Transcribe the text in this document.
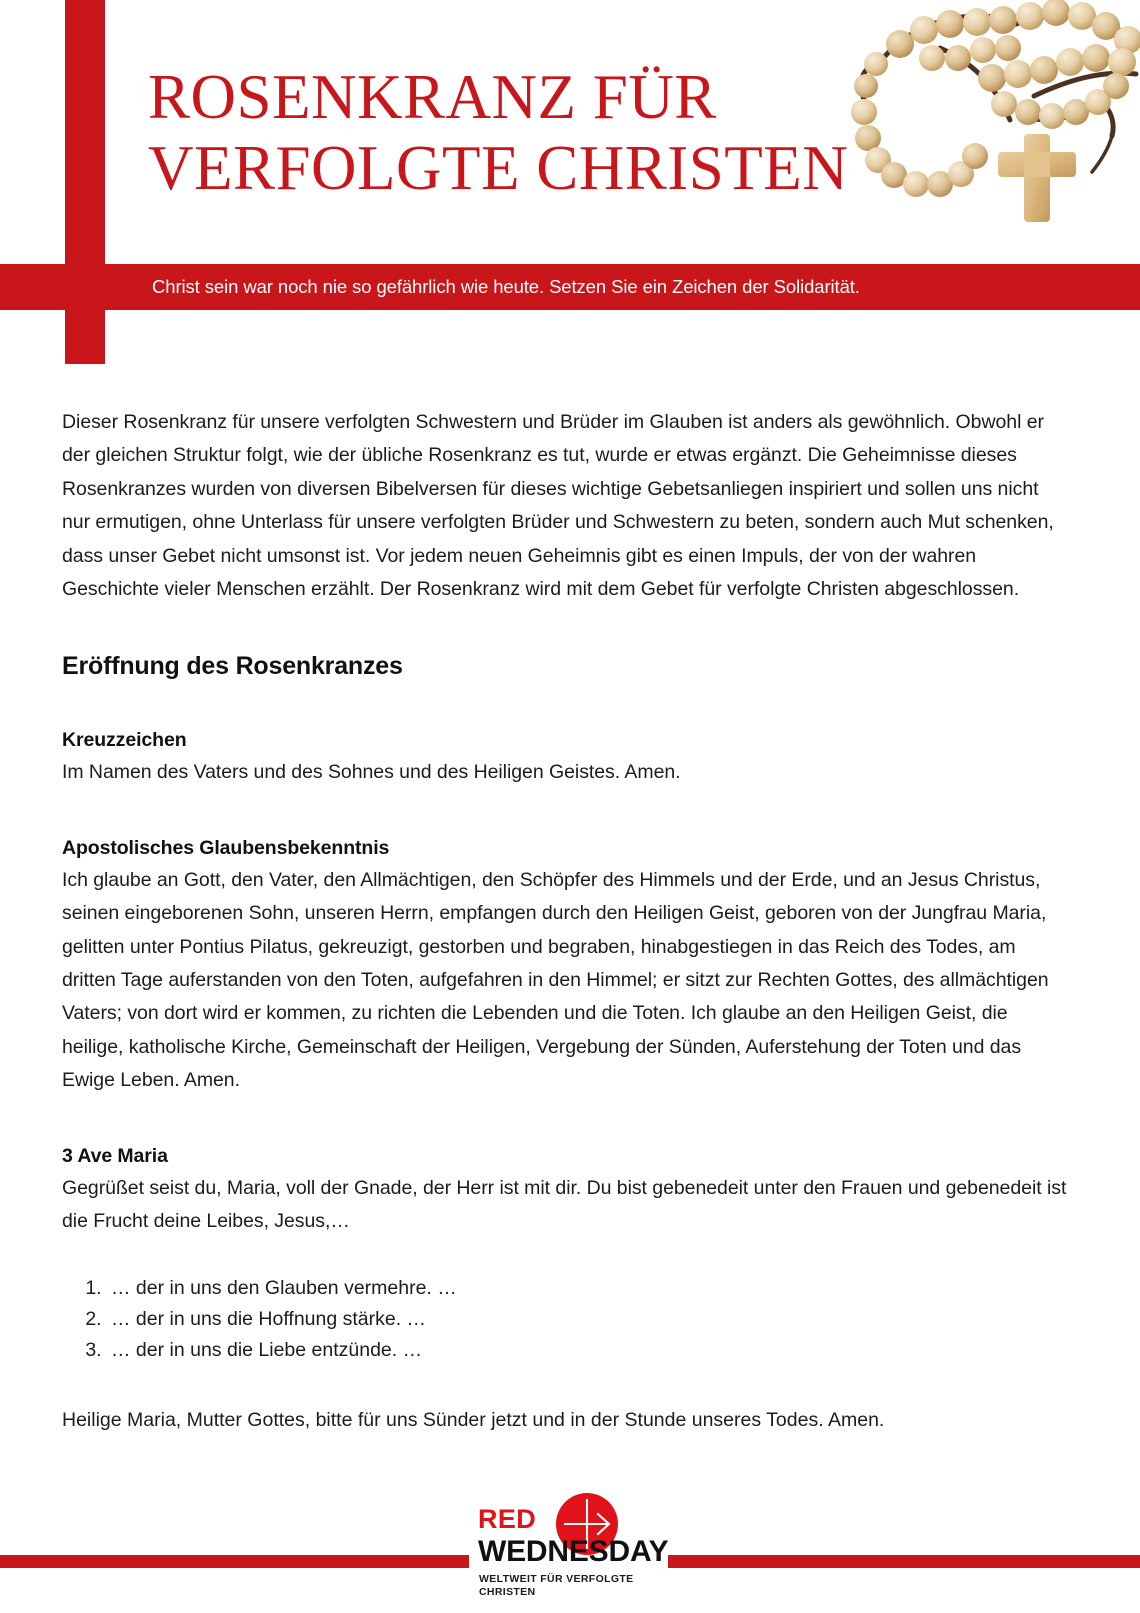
ROSENKRANZ FÜR
VERFOLGTE CHRISTEN
Christ sein war noch nie so gefährlich wie heute. Setzen Sie ein Zeichen der Solidarität.

Dieser Rosenkranz für unsere verfolgten Schwestern und Brüder im Glauben ist anders als gewöhnlich. Obwohl er der gleichen Struktur folgt, wie der übliche Rosenkranz es tut, wurde er etwas ergänzt. Die Geheimnisse dieses Rosenkranzes wurden von diversen Bibelversen für dieses wichtige Gebetsanliegen inspiriert und sollen uns nicht nur ermutigen, ohne Unterlass für unsere verfolgten Brüder und Schwestern zu beten, sondern auch Mut schenken, dass unser Gebet nicht umsonst ist. Vor jedem neuen Geheimnis gibt es einen Impuls, der von der wahren Geschichte vieler Menschen erzählt. Der Rosenkranz wird mit dem Gebet für verfolgte Christen abgeschlossen.

Eröffnung des Rosenkranzes
Kreuzzeichen

Im Namen des Vaters und des Sohnes und des Heiligen Geistes. Amen.

Apostolisches Glaubensbekenntnis

Ich glaube an Gott, den Vater, den Allmächtigen, den Schöpfer des Himmels und der Erde, und an Jesus Christus, seinen eingeborenen Sohn, unseren Herrn, empfangen durch den Heiligen Geist, geboren von der Jungfrau Maria, gelitten unter Pontius Pilatus, gekreuzigt, gestorben und begraben, hinabgestiegen in das Reich des Todes, am dritten Tage auferstanden von den Toten, aufgefahren in den Himmel; er sitzt zur Rechten Gottes, des allmächtigen Vaters; von dort wird er kommen, zu richten die Lebenden und die Toten. Ich glaube an den Heiligen Geist, die heilige, katholische Kirche, Gemeinschaft der Heiligen, Vergebung der Sünden, Auferstehung der Toten und das Ewige Leben. Amen.

3 Ave Maria

Gegrüßet seist du, Maria, voll der Gnade, der Herr ist mit dir. Du bist gebenedeit unter den Frauen und gebenedeit ist die Frucht deine Leibes, Jesus,…

1. … der in uns den Glauben vermehre. …
2. … der in uns die Hoffnung stärke. …
3. … der in uns die Liebe entzünde. …

Heilige Maria, Mutter Gottes, bitte für uns Sünder jetzt und in der Stunde unseres Todes. Amen.

RED
WEDNESDAY
WELTWEIT FÜR VERFOLGTE CHRISTEN
